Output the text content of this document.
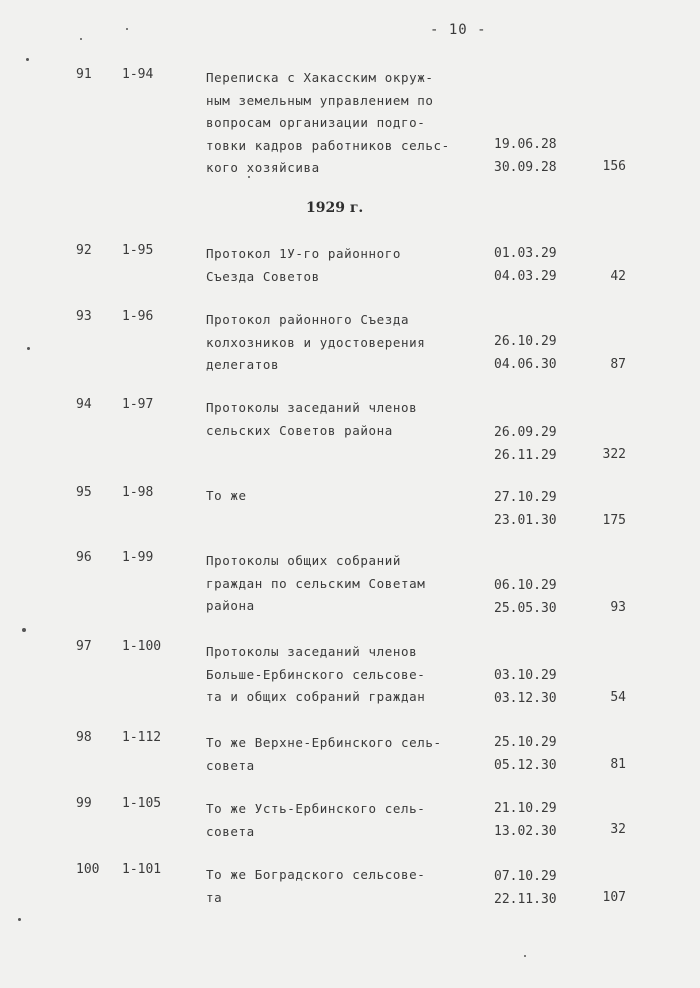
- 10 -
1929 г.
91 1-94	Переписка с Хакасским окруж-
ным земельным управлением по
вопросам организации подго-
товки кадров работников сельс-
кого хозяйсива
19.06.28
30.09.28	156
92 1-95	Протокол 1У-го районного
Съезда Советов
01.03.29
04.03.29	42
93 1-96	Протокол районного Съезда
колхозников и удостоверения
делегатов
26.10.29
04.06.30	87
94 1-97	Протоколы заседаний членов
сельских Советов района	26.09.29
26.11.29	322
95 1-98	То же	27.10.29
23.01.30	175
96 1-99	Протоколы общих собраний
граждан по сельским Советам
района
06.10.29
25.05.30	93
97 1-100	Протоколы заседаний членов
Больше-Ербинского сельсове-
та и общих собраний граждан
03.10.29
03.12.30	54
98 1-112	То же Верхне-Ербинского сель-
совета
25.10.29
05.12.30	81
99 1-105	То же Усть-Ербинского сель-
совета
21.10.29
13.02.30	32
100 1-101	То же Боградского сельсове-
та
07.10.29
22.11.30	107
